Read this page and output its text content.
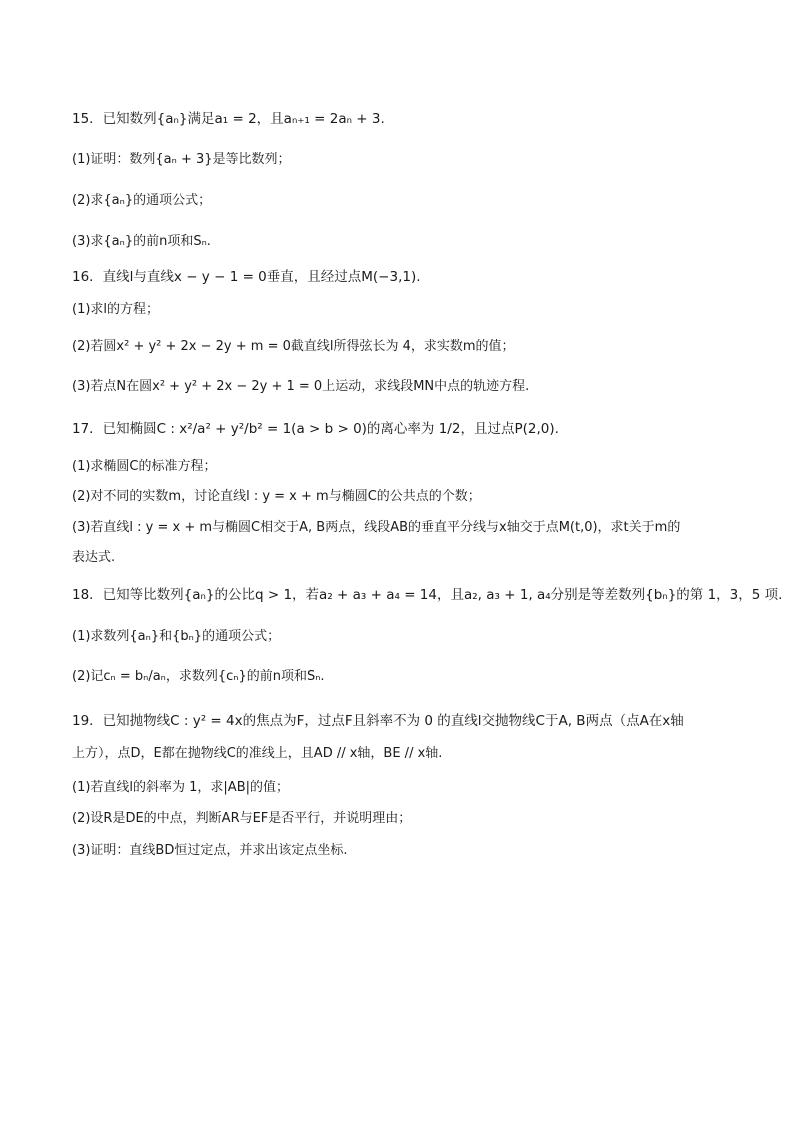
15．已知数列{aₙ}满足a₁ = 2，且aₙ₊₁ = 2aₙ + 3.
(1)证明：数列{aₙ + 3}是等比数列；
(2)求{aₙ}的通项公式；
(3)求{aₙ}的前n项和Sₙ.
16．直线l与直线x − y − 1 = 0垂直，且经过点M(−3,1).
(1)求l的方程；
(2)若圆x² + y² + 2x − 2y + m = 0截直线l所得弦长为 4，求实数m的值；
(3)若点N在圆x² + y² + 2x − 2y + 1 = 0上运动，求线段MN中点的轨迹方程.
17．已知椭圆C : x²/a² + y²/b² = 1(a > b > 0)的离心率为 1/2，且过点P(2,0).
(1)求椭圆C的标准方程；
(2)对不同的实数m，讨论直线l : y = x + m与椭圆C的公共点的个数；
(3)若直线l : y = x + m与椭圆C相交于A, B两点，线段AB的垂直平分线与x轴交于点M(t,0)，求t关于m的
表达式.
18．已知等比数列{aₙ}的公比q > 1，若a₂ + a₃ + a₄ = 14，且a₂, a₃ + 1, a₄分别是等差数列{bₙ}的第 1，3，5 项.
(1)求数列{aₙ}和{bₙ}的通项公式；
(2)记cₙ = bₙ/aₙ，求数列{cₙ}的前n项和Sₙ.
19．已知抛物线C : y² = 4x的焦点为F，过点F且斜率不为 0 的直线l交抛物线C于A, B两点（点A在x轴
上方），点D，E都在抛物线C的准线上，且AD // x轴，BE // x轴.
(1)若直线l的斜率为 1，求|AB|的值；
(2)设R是DE的中点，判断AR与EF是否平行，并说明理由；
(3)证明：直线BD恒过定点，并求出该定点坐标.
